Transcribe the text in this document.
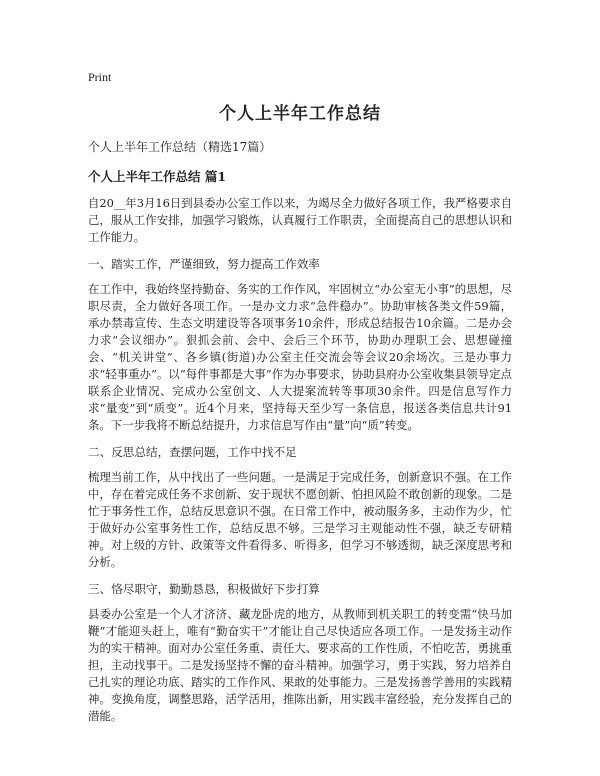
Print
个人上半年工作总结
个人上半年工作总结（精选17篇）
个人上半年工作总结 篇1

自20__年3月16日到县委办公室工作以来，为竭尽全力做好各项工作，我严格要求自己，服从工作安排，加强学习锻炼，认真履行工作职责，全面提高自己的思想认识和工作能力。

一、踏实工作，严谨细致，努力提高工作效率

在工作中，我始终坚持勤奋、务实的工作作风，牢固树立“办公室无小事”的思想，尽职尽责，全力做好各项工作。一是办文力求“急件稳办”。协助审核各类文件59篇，承办禁毒宣传、生态文明建设等各项事务10余件，形成总结报告10余篇。二是办会力求“会议细办”。狠抓会前、会中、会后三个环节，协助办理职工会、思想碰撞会、“机关讲堂”、各乡镇(街道)办公室主任交流会等会议20余场次。三是办事力求“轻事重办”。以“每件事都是大事”作为办事要求，协助县府办公室收集县领导定点联系企业情况、完成办公室创文、人大提案流转等事项30余件。四是信息写作力求“量变”到“质变”。近4个月来，坚持每天至少写一条信息，报送各类信息共计91条。下一步我将不断总结提升，力求信息写作由“量”向“质”转变。

二、反思总结，查摆问题，工作中找不足

梳理当前工作，从中找出了一些问题。一是满足于完成任务，创新意识不强。在工作中，存在着完成任务不求创新、安于现状不愿创新、怕担风险不敢创新的现象。二是忙于事务性工作，总结反思意识不强。在日常工作中，被动服务多，主动作为少，忙于做好办公室事务性工作，总结反思不够。三是学习主观能动性不强，缺乏专研精神。对上级的方针、政策等文件看得多、听得多，但学习不够透彻，缺乏深度思考和分析。

三、恪尽职守，勤勤恳恳，积极做好下步打算

县委办公室是一个人才济济、藏龙卧虎的地方，从教师到机关职工的转变需“快马加鞭”才能迎头赶上，唯有“勤奋实干”才能让自己尽快适应各项工作。一是发扬主动作为的实干精神。面对办公室任务重、责任大、要求高的工作性质，不怕吃苦，勇挑重担，主动找事干。二是发扬坚持不懈的奋斗精神。加强学习，勇于实践，努力培养自己扎实的理论功底、踏实的工作作风、果敢的处事能力。三是发扬善学善用的实践精神。变换角度，调整思路，活学活用，推陈出新，用实践丰富经验，充分发挥自己的潜能。
